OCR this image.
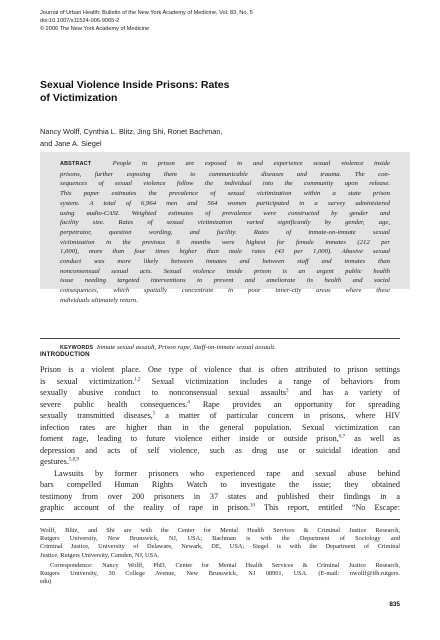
Journal of Urban Health: Bulletin of the New York Academy of Medicine, Vol. 83, No. 5
doi:10.1007/s11524-006-9065-2
© 2006 The New York Academy of Medicine
Sexual Violence Inside Prisons: Rates
of Victimization
Nancy Wolff, Cynthia L. Blitz, Jing Shi, Ronet Bachman,
and Jane A. Siegel
ABSTRACT	People in prison are exposed to and experience sexual violence inside
prisons, further exposing them to communicable diseases and trauma. The con-
sequences of sexual violence follow the individual into the community upon release.
This paper estimates the prevalence of sexual victimization within a state prison
system. A total of 6,964 men and 564 women participated in a survey administered
using audio-CASI. Weighted estimates of prevalence were constructed by gender and
facility size. Rates of sexual victimization varied significantly by gender, age,
perpetrator, question wording, and facility. Rates of inmate-on-inmate sexual
victimization in the previous 6 months were highest for female inmates (212 per
1,000), more than four times higher than male rates (43 per 1,000). Abusive sexual
conduct was more likely between inmates and between staff and inmates than
nonconsensual sexual acts. Sexual violence inside prison is an urgent public health
issue needing targeted interventions to prevent and ameliorate its health and social
consequences, which spatially concentrate in poor inner-city areas where these
individuals ultimately return.
KEYWORDS Inmate sexual assault, Prison rape, Staff-on-inmate sexual assault.
INTRODUCTION
Prison is a violent place. One type of violence that is often attributed to prison settings
is sexual victimization.$^{1,2}$ Sexual victimization includes a range of behaviors from
sexually abusive conduct to nonconsensual sexual assaults$^3$ and has a variety of
severe public health consequences.$^4$ Rape provides an opportunity for spreading
sexually transmitted diseases,$^5$ a matter of particular concern in prisons, where HIV
infection rates are higher than in the general population. Sexual victimization can
foment rage, leading to future violence either inside or outside prison,$^{6,7}$ as well as
depression and acts of self violence, such as drug use or suicidal ideation and
gestures.$^{5,8,9}$
Lawsuits by former prisoners who experienced rape and sexual abuse behind
bars compelled Human Rights Watch to investigate the issue; they obtained
testimony from over 200 prisoners in 37 states and published their findings in a
graphic account of the reality of rape in prison.$^{10}$ This report, entitled “No Escape:
Wolff, Blitz, and Shi are with the Center for Mental Health Services & Criminal Justice Research,
Rutgers University, New Brunswick, NJ, USA; Bachman is with the Department of Sociology and
Criminal Justice, University of Delaware, Newark, DE, USA; Siegel is with the Department of Criminal
Justice, Rutgers University, Camden, NJ, USA.
Correspondence: Nancy Wolff, PhD, Center for Mental Health Services & Criminal Justice Research,
Rutgers University, 30 College Avenue, New Brunswick, NJ 08901, USA. (E-mail: nwolff@ifh.rutgers.
edu)
835
